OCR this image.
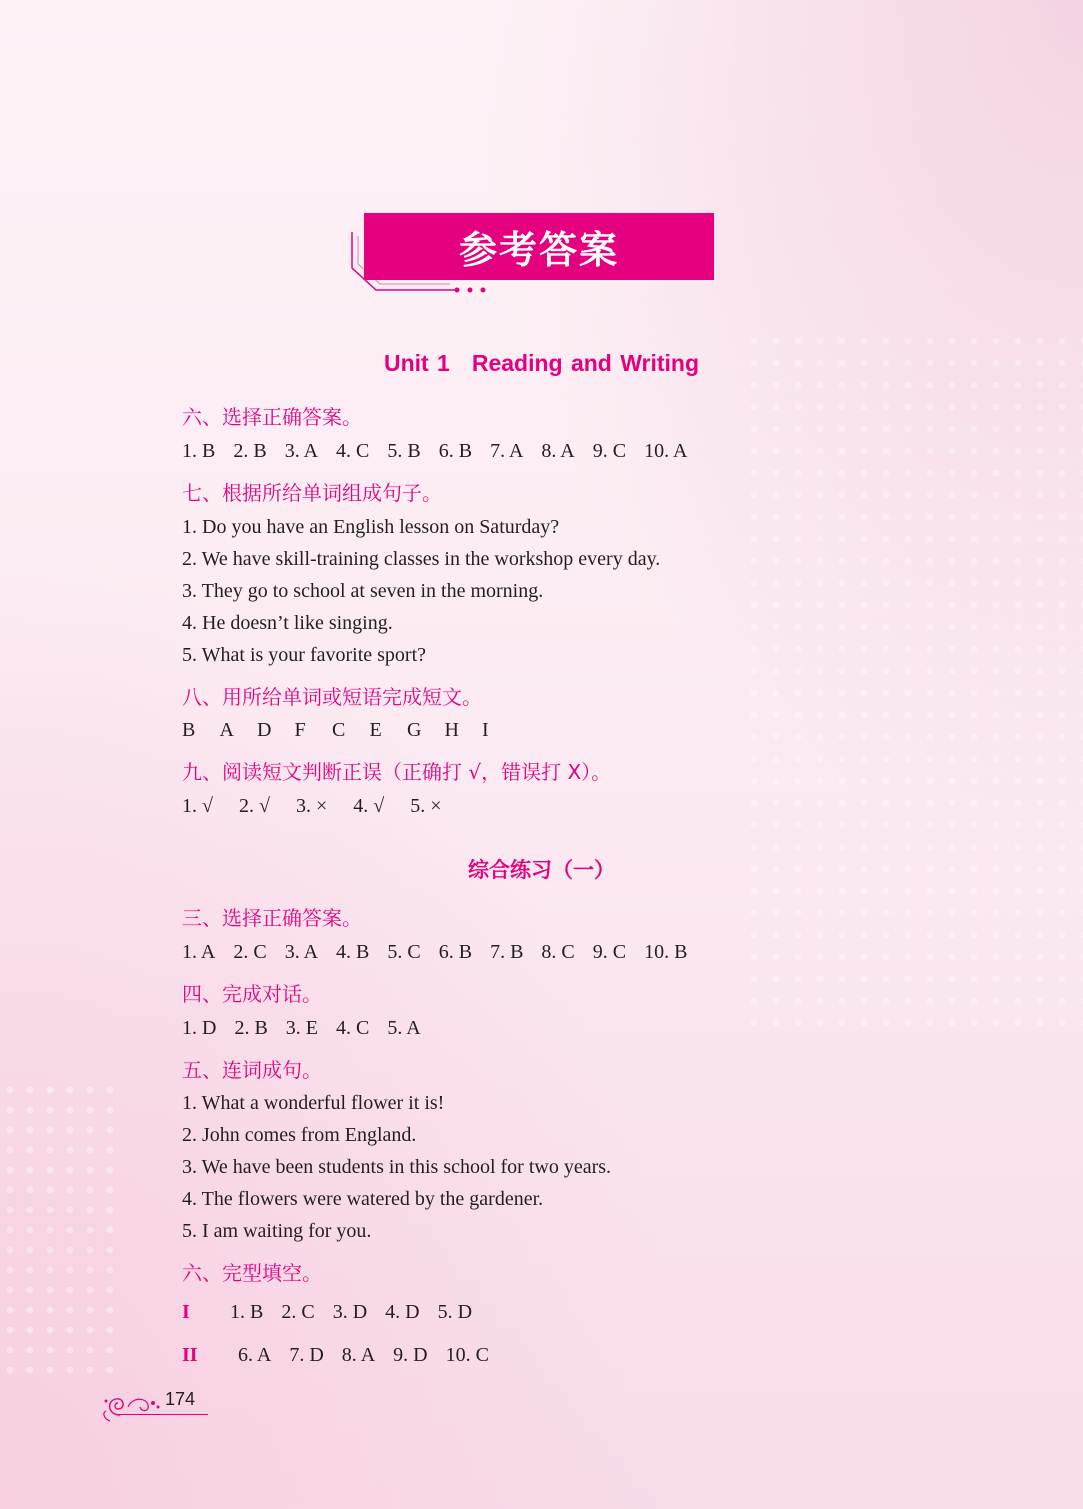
参考答案
Unit 1 Reading and Writing
六、选择正确答案。
1. B 2. B 3. A 4. C 5. B 6. B 7. A 8. A 9. C 10. A
七、根据所给单词组成句子。
1. Do you have an English lesson on Saturday?
2. We have skill-training classes in the workshop every day.
3. They go to school at seven in the morning.
4. He doesn’t like singing.
5. What is your favorite sport?
八、用所给单词或短语完成短文。
B A D F C E G H I
九、阅读短文判断正误（正确打 √，错误打 X）。
1. √ 2. √ 3. × 4. √ 5. ×
综合练习（一）
三、选择正确答案。
1. A 2. C 3. A 4. B 5. C 6. B 7. B 8. C 9. C 10. B
四、完成对话。
1. D 2. B 3. E 4. C 5. A
五、连词成句。
1. What a wonderful flower it is!
2. John comes from England.
3. We have been students in this school for two years.
4. The flowers were watered by the gardener.
5. I am waiting for you.
六、完型填空。
I 1. B 2. C 3. D 4. D 5. D
II 6. A 7. D 8. A 9. D 10. C
174
